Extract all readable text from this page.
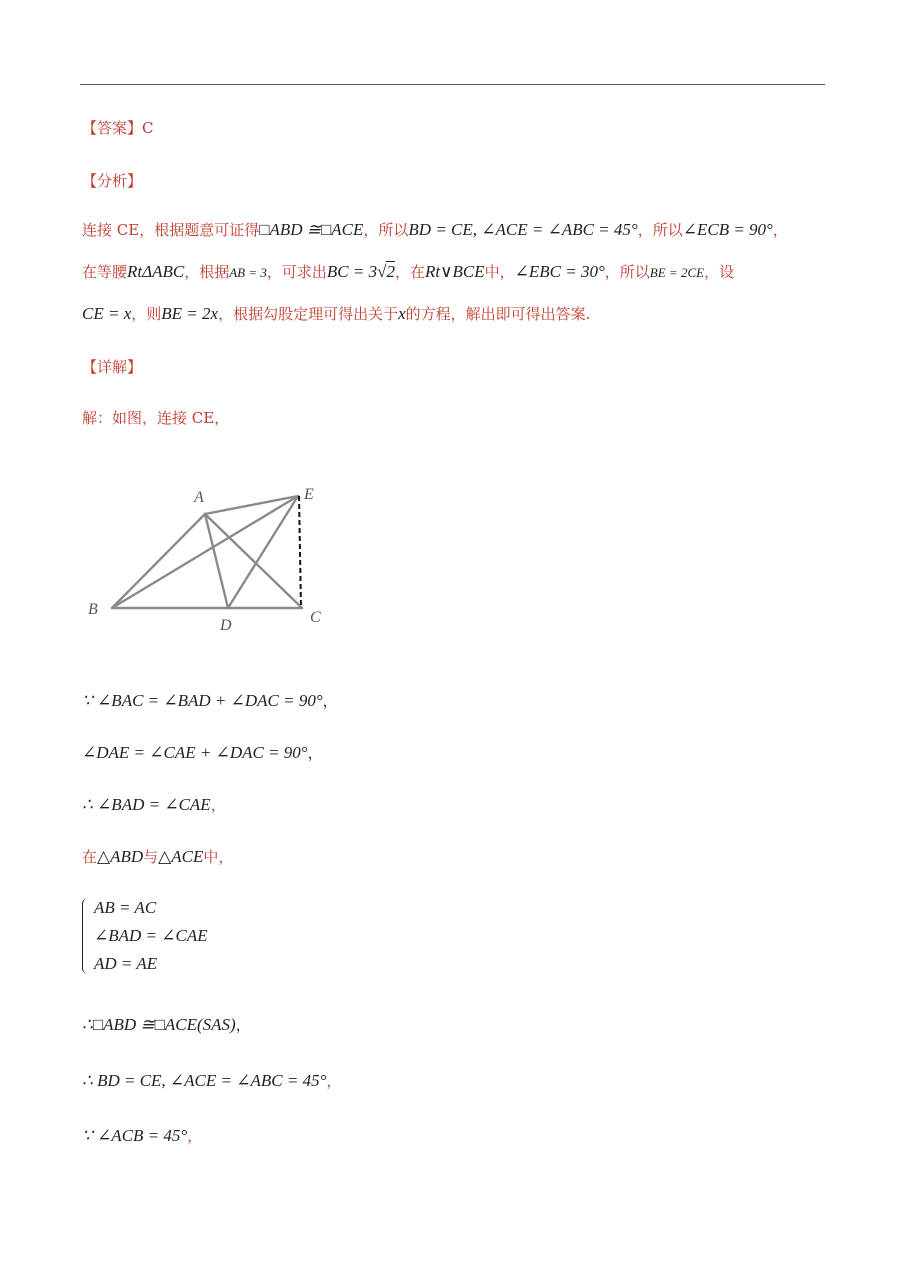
【答案】C
【分析】
连接 CE，根据题意可证得□ABD ≅□ACE，所以BD = CE, ∠ACE = ∠ABC = 45°，所以∠ECB = 90°，
在等腰RtΔABC，根据AB = 3，可求出BC = 3√2，在Rt∨BCE中，∠EBC = 30°，所以BE = 2CE，设
CE = x，则BE = 2x，根据勾股定理可得出关于x的方程，解出即可得出答案.
【详解】
解：如图，连接 CE，
A	E
B
D	C
∵ ∠BAC = ∠BAD + ∠DAC = 90°，
∠DAE = ∠CAE + ∠DAC = 90°，
∴ ∠BAD = ∠CAE，
在△ABD与△ACE中，
AB = AC
∠BAD = ∠CAE
AD = AE
∴□ABD ≅□ACE(SAS)，
∴ BD = CE, ∠ACE = ∠ABC = 45°，
∵ ∠ACB = 45°，
